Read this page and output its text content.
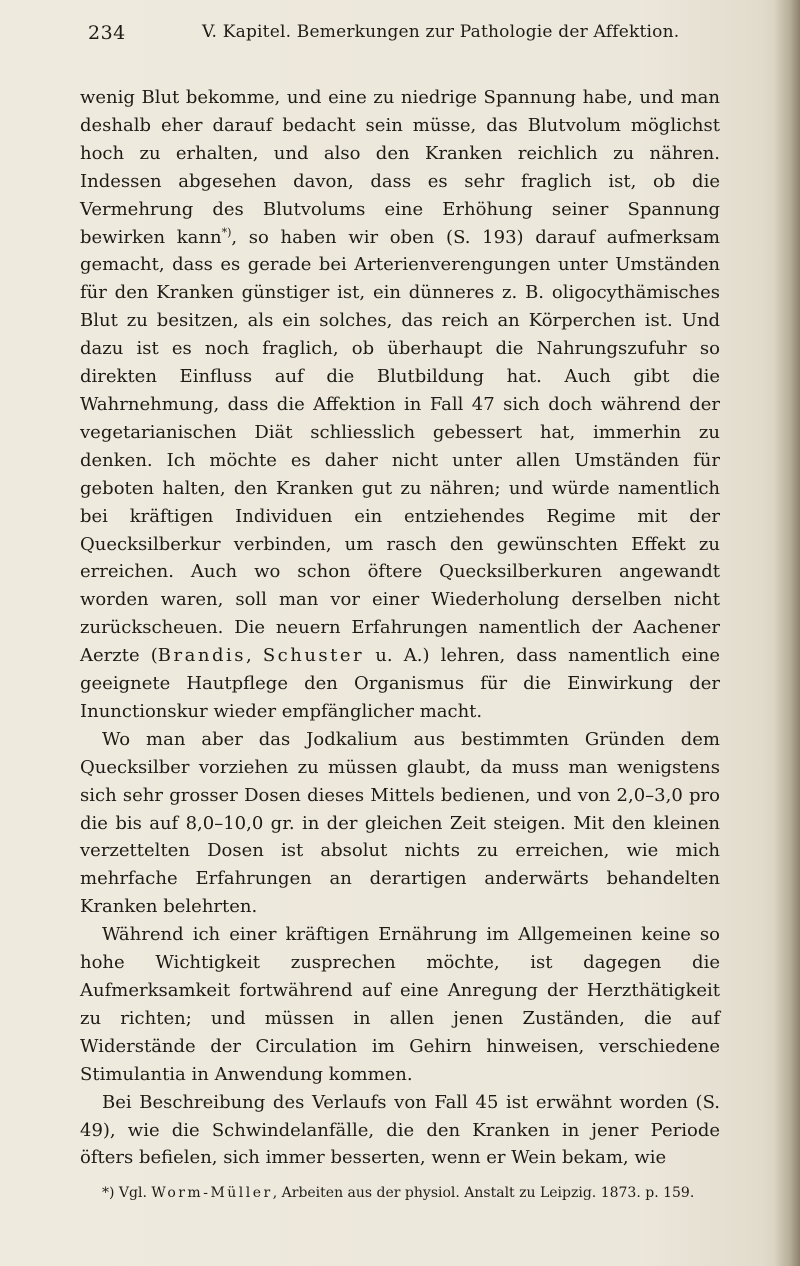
234	V. Kapitel. Bemerkungen zur Pathologie der Affektion.

wenig Blut bekomme, und eine zu niedrige Spannung habe, und man deshalb eher darauf bedacht sein müsse, das Blutvolum möglichst hoch zu erhalten, und also den Kranken reichlich zu nähren. Indessen abgesehen davon, dass es sehr fraglich ist, ob die Vermehrung des Blutvolums eine Erhöhung seiner Spannung bewirken kann*), so haben wir oben (S. 193) darauf aufmerksam gemacht, dass es gerade bei Arterienverengungen unter Umständen für den Kranken günstiger ist, ein dünneres z. B. oligocythämisches Blut zu besitzen, als ein solches, das reich an Körperchen ist. Und dazu ist es noch fraglich, ob überhaupt die Nahrungszufuhr so direkten Einfluss auf die Blutbildung hat. Auch gibt die Wahrnehmung, dass die Affektion in Fall 47 sich doch während der vegetarianischen Diät schliesslich gebessert hat, immerhin zu denken. Ich möchte es daher nicht unter allen Umständen für geboten halten, den Kranken gut zu nähren; und würde namentlich bei kräftigen Individuen ein entziehendes Regime mit der Quecksilberkur verbinden, um rasch den gewünschten Effekt zu erreichen. Auch wo schon öftere Quecksilberkuren angewandt worden waren, soll man vor einer Wiederholung derselben nicht zurückscheuen. Die neuern Erfahrungen namentlich der Aachener Aerzte (Brandis, Schuster u. A.) lehren, dass namentlich eine geeignete Hautpflege den Organismus für die Einwirkung der Inunctionskur wieder empfänglicher macht.

Wo man aber das Jodkalium aus bestimmten Gründen dem Quecksilber vorziehen zu müssen glaubt, da muss man wenigstens sich sehr grosser Dosen dieses Mittels bedienen, und von 2,0–3,0 pro die bis auf 8,0–10,0 gr. in der gleichen Zeit steigen. Mit den kleinen verzettelten Dosen ist absolut nichts zu erreichen, wie mich mehrfache Erfahrungen an derartigen anderwärts behandelten Kranken belehrten.

Während ich einer kräftigen Ernährung im Allgemeinen keine so hohe Wichtigkeit zusprechen möchte, ist dagegen die Aufmerksamkeit fortwährend auf eine Anregung der Herzthätigkeit zu richten; und müssen in allen jenen Zuständen, die auf Widerstände der Circulation im Gehirn hinweisen, verschiedene Stimulantia in Anwendung kommen.

Bei Beschreibung des Verlaufs von Fall 45 ist erwähnt worden (S. 49), wie die Schwindelanfälle, die den Kranken in jener Periode öfters befielen, sich immer besserten, wenn er Wein bekam, wie

*) Vgl. Worm-Müller, Arbeiten aus der physiol. Anstalt zu Leipzig. 1873. p. 159.
